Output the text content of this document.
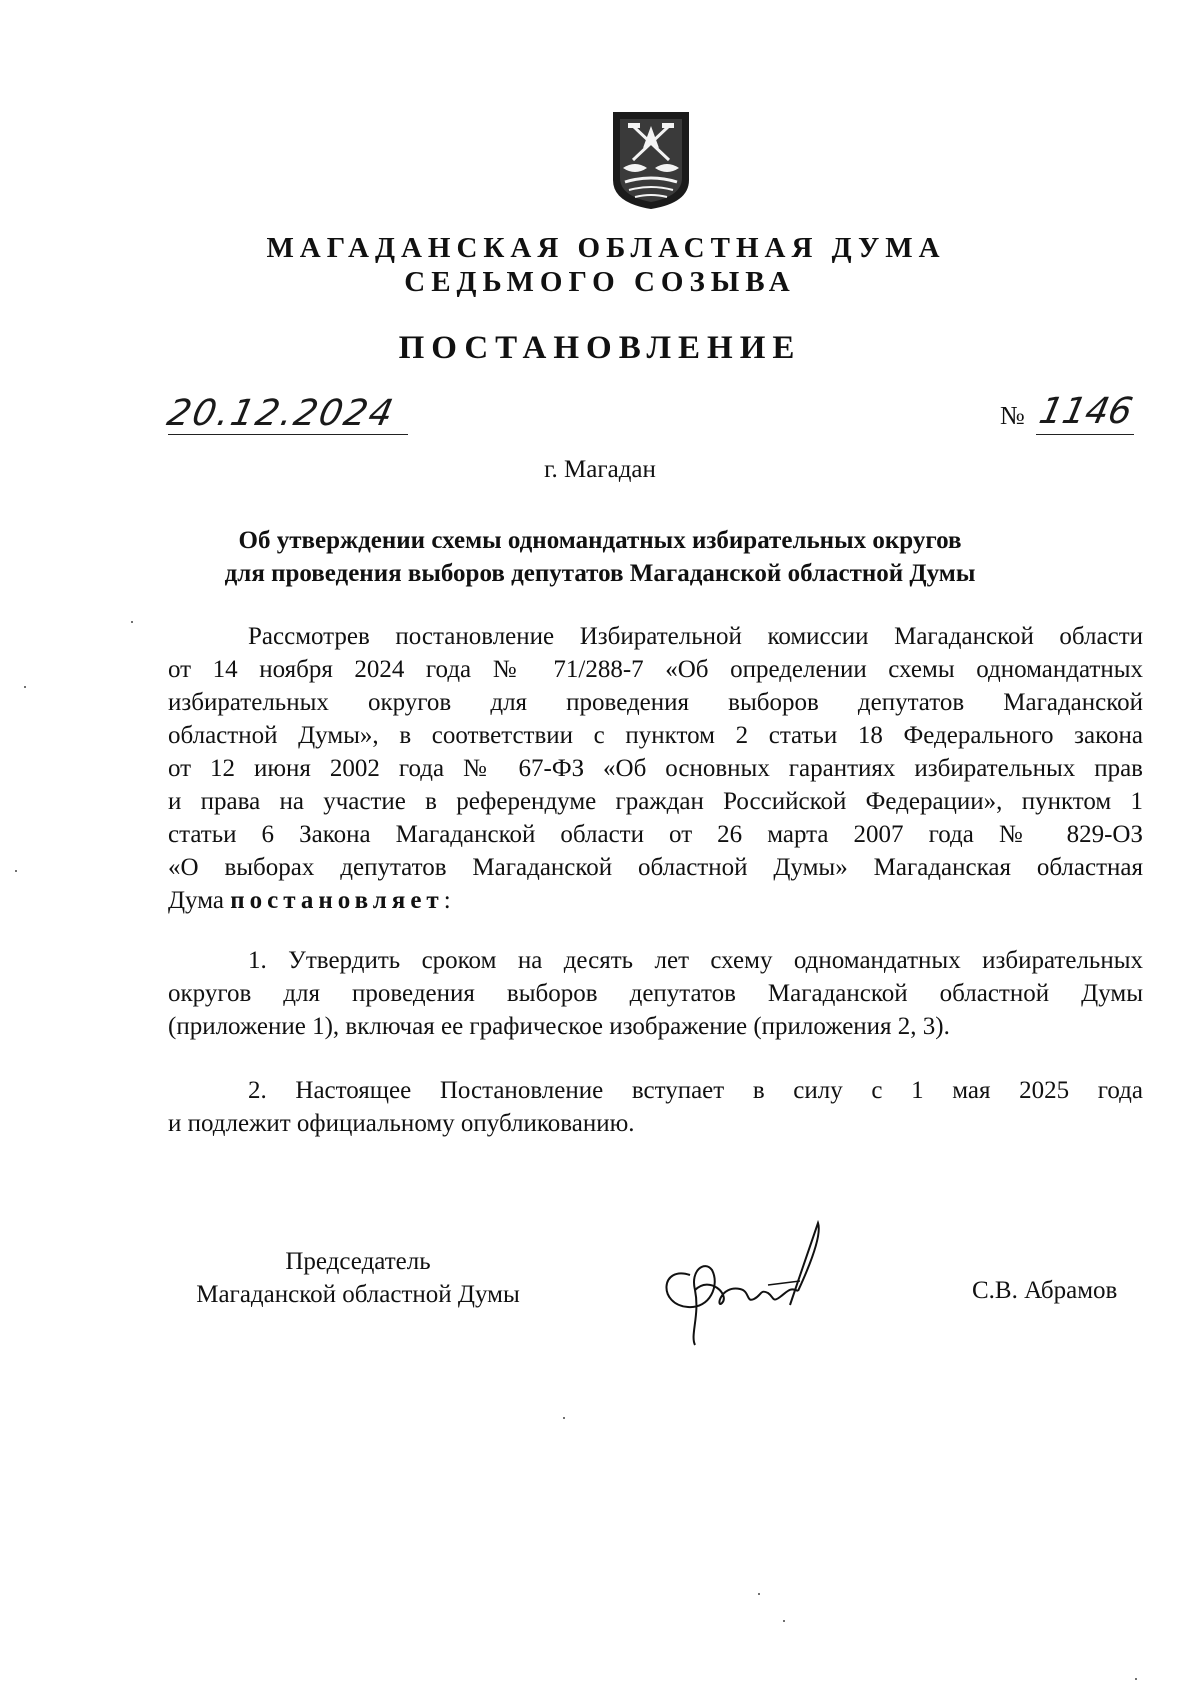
МАГАДАНСКАЯ ОБЛАСТНАЯ ДУМА
СЕДЬМОГО СОЗЫВА
ПОСТАНОВЛЕНИЕ
20.12.2024	№ 1146
г. Магадан
Об утверждении схемы одномандатных избирательных округов
для проведения выборов депутатов Магаданской областной Думы
Рассмотрев постановление Избирательной комиссии Магаданской области
от 14 ноября 2024 года № 71/288-7 «Об определении схемы одномандатных
избирательных округов для проведения выборов депутатов Магаданской
областной Думы», в соответствии с пунктом 2 статьи 18 Федерального закона
от 12 июня 2002 года № 67-ФЗ «Об основных гарантиях избирательных прав
и права на участие в референдуме граждан Российской Федерации», пунктом 1
статьи 6 Закона Магаданской области от 26 марта 2007 года № 829-ОЗ
«О выборах депутатов Магаданской областной Думы» Магаданская областная
Дума постановляет:
1. Утвердить сроком на десять лет схему одномандатных избирательных
округов для проведения выборов депутатов Магаданской областной Думы
(приложение 1), включая ее графическое изображение (приложения 2, 3).
2. Настоящее Постановление вступает в силу с 1 мая 2025 года
и подлежит официальному опубликованию.
Председатель
Магаданской областной Думы	С.В. Абрамов
